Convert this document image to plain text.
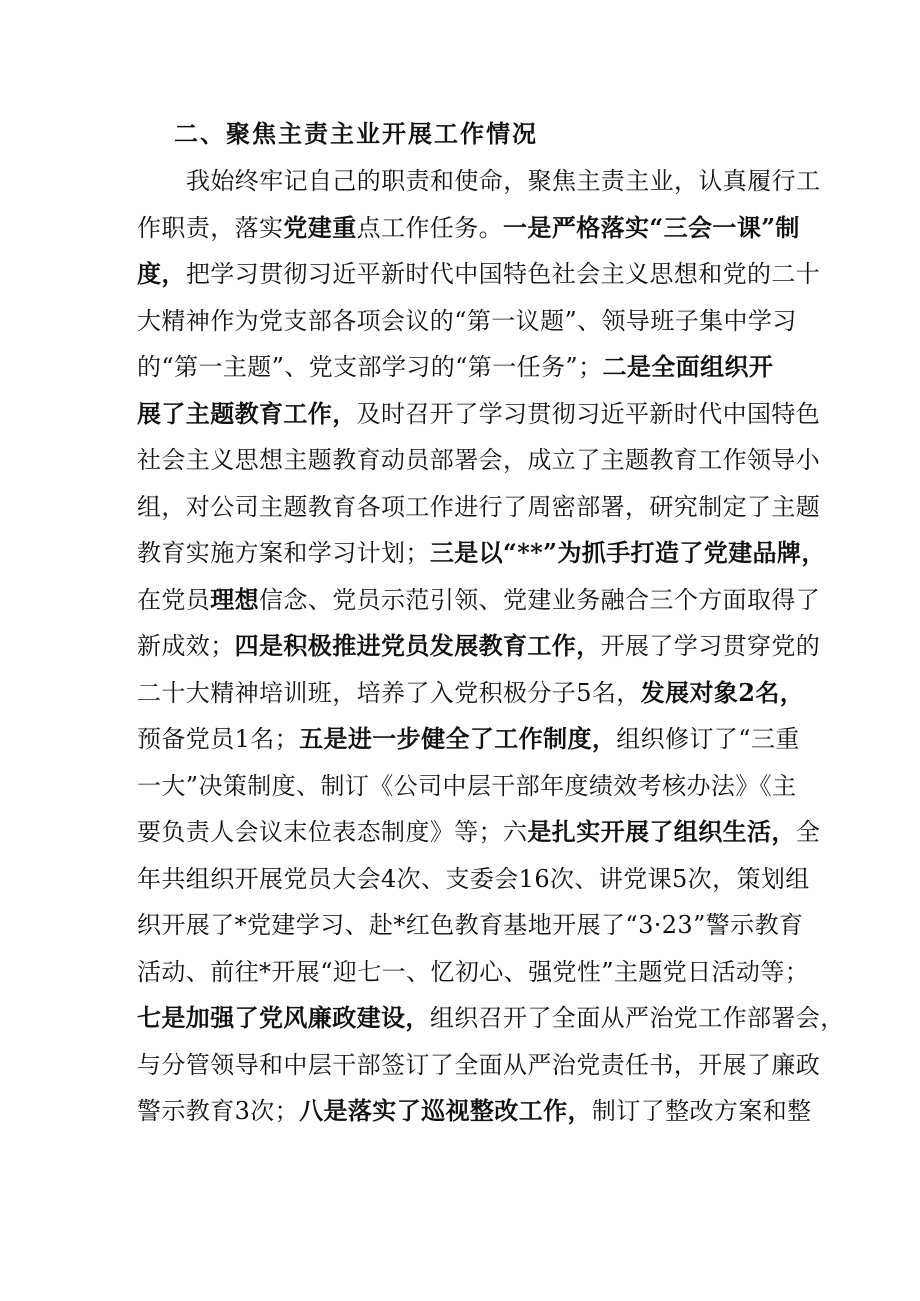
二、聚焦主责主业开展工作情况
我始终牢记自己的职责和使命，聚焦主责主业，认真履行工
作职责，落实党建重点工作任务。一是严格落实“三会一课”制
度，把学习贯彻习近平新时代中国特色社会主义思想和党的二十
大精神作为党支部各项会议的“第一议题”、领导班子集中学习
的“第一主题”、党支部学习的“第一任务”；二是全面组织开
展了主题教育工作，及时召开了学习贯彻习近平新时代中国特色
社会主义思想主题教育动员部署会，成立了主题教育工作领导小
组，对公司主题教育各项工作进行了周密部署，研究制定了主题
教育实施方案和学习计划；三是以“**”为抓手打造了党建品牌，
在党员理想信念、党员示范引领、党建业务融合三个方面取得了
新成效；四是积极推进党员发展教育工作，开展了学习贯穿党的
二十大精神培训班，培养了入党积极分子5名，发展对象2名，
预备党员1名；五是进一步健全了工作制度，组织修订了“三重
一大”决策制度、制订《公司中层干部年度绩效考核办法》《主
要负责人会议末位表态制度》等；六是扎实开展了组织生活，全
年共组织开展党员大会4次、支委会16次、讲党课5次，策划组
织开展了*党建学习、赴*红色教育基地开展了“3·23”警示教育
活动、前往*开展“迎七一、忆初心、强党性”主题党日活动等；
七是加强了党风廉政建设，组织召开了全面从严治党工作部署会，
与分管领导和中层干部签订了全面从严治党责任书，开展了廉政
警示教育3次；八是落实了巡视整改工作，制订了整改方案和整
